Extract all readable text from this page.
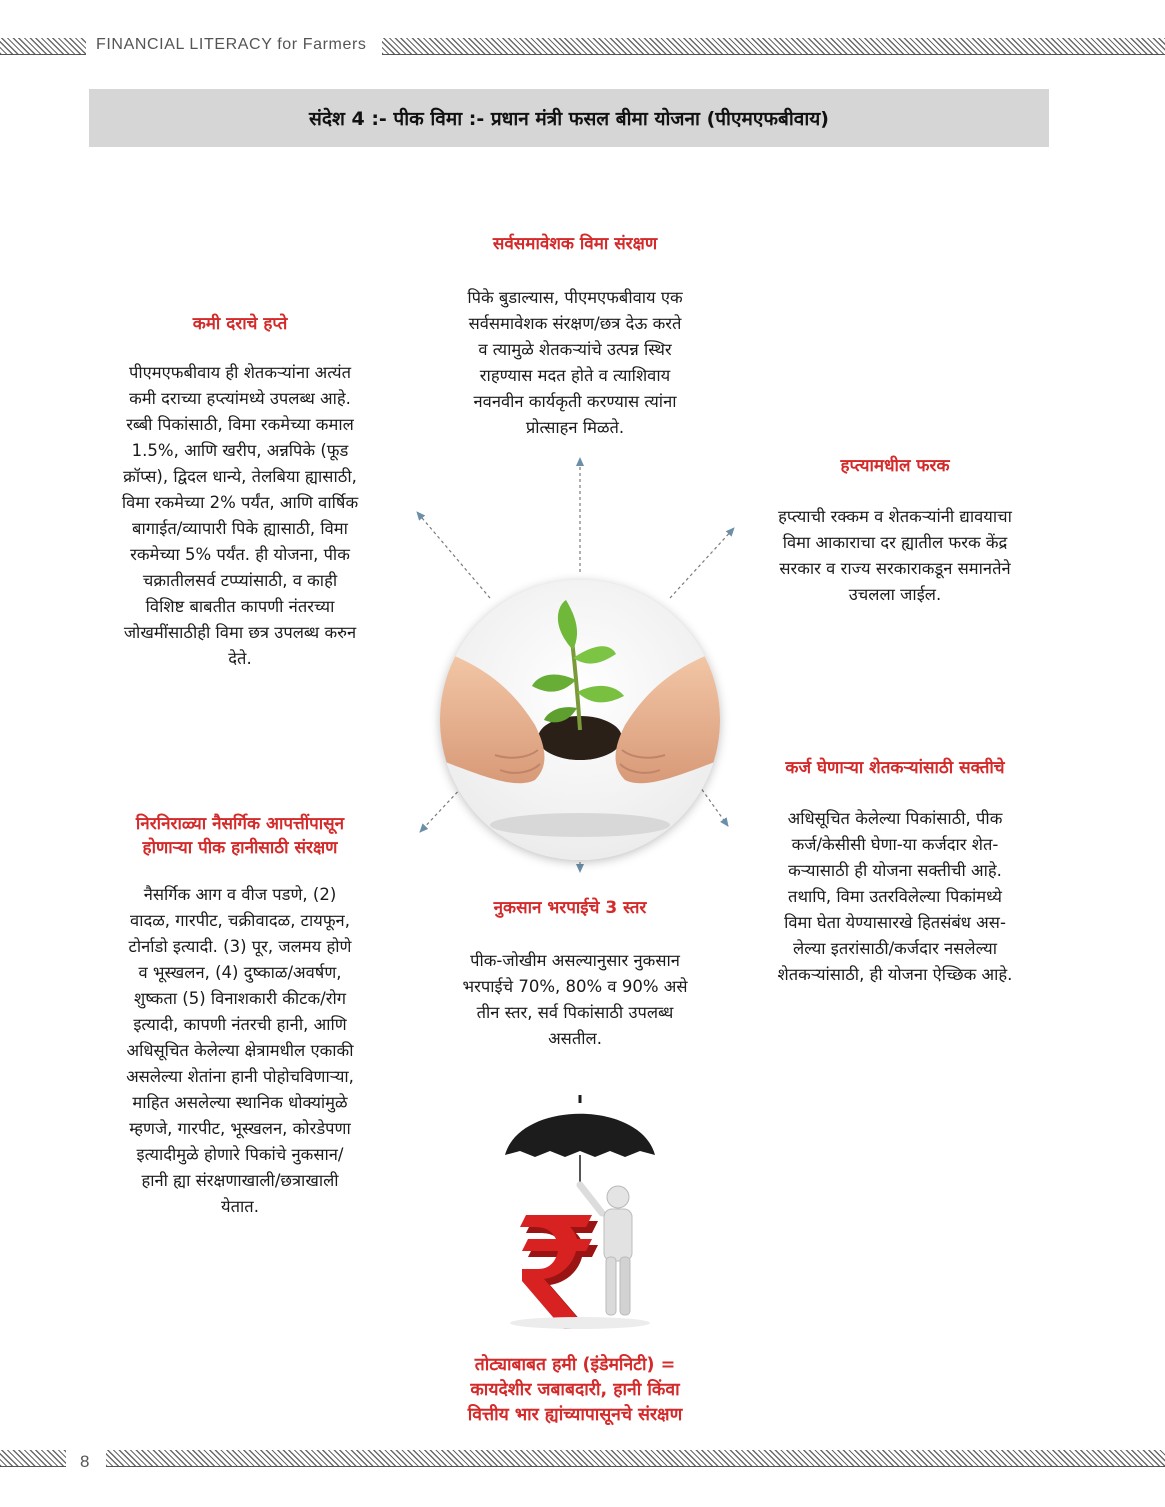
FINANCIAL LITERACY for Farmers
संदेश 4 :- पीक विमा :- प्रधान मंत्री फसल बीमा योजना (पीएमएफबीवाय)
सर्वसमावेशक विमा संरक्षण
पिके बुडाल्यास, पीएमएफबीवाय एक
सर्वसमावेशक संरक्षण/छत्र देऊ करते
व त्यामुळे शेतकऱ्यांचे उत्पन्न स्थिर
राहण्यास मदत होते व त्याशिवाय
नवनवीन कार्यकृती करण्यास त्यांना
प्रोत्साहन मिळते.
कमी दराचे हप्ते
पीएमएफबीवाय ही शेतकऱ्यांना अत्यंत
कमी दराच्या हप्त्यांमध्ये उपलब्ध आहे.
रब्बी पिकांसाठी, विमा रकमेच्या कमाल
1.5%, आणि खरीप, अन्नपिके (फूड
क्रॉप्स), द्विदल धान्ये, तेलबिया ह्यासाठी,
विमा रकमेच्या 2% पर्यंत, आणि वार्षिक
बागाईत/व्यापारी पिके ह्यासाठी, विमा
रकमेच्या 5% पर्यंत. ही योजना, पीक
चक्रातीलसर्व टप्प्यांसाठी, व काही
विशिष्ट बाबतीत कापणी नंतरच्या
जोखमींसाठीही विमा छत्र उपलब्ध करुन
देते.
हप्त्यामधील फरक
हप्त्याची रक्कम व शेतकऱ्यांनी द्यावयाचा
विमा आकाराचा दर ह्यातील फरक केंद्र
सरकार व राज्य सरकाराकडून समानतेने
उचलला जाईल.
कर्ज घेणाऱ्या शेतकऱ्यांसाठी सक्तीचे
अधिसूचित केलेल्या पिकांसाठी, पीक
कर्ज/केसीसी घेणा-या कर्जदार शेत-
कऱ्यासाठी ही योजना सक्तीची आहे.
तथापि, विमा उतरविलेल्या पिकांमध्ये
विमा घेता येण्यासारखे हितसंबंध अस-
लेल्या इतरांसाठी/कर्जदार नसलेल्या
शेतकऱ्यांसाठी, ही योजना ऐच्छिक आहे.
निरनिराळ्या नैसर्गिक आपत्तींपासून
होणाऱ्या पीक हानीसाठी संरक्षण
नैसर्गिक आग व वीज पडणे, (2)
वादळ, गारपीट, चक्रीवादळ, टायफून,
टोर्नाडो इत्यादी. (3) पूर, जलमय होणे
व भूस्खलन, (4) दुष्काळ/अवर्षण,
शुष्कता (5) विनाशकारी कीटक/रोग
इत्यादी, कापणी नंतरची हानी, आणि
अधिसूचित केलेल्या क्षेत्रामधील एकाकी
असलेल्या शेतांना हानी पोहोचविणाऱ्या,
माहित असलेल्या स्थानिक धोक्यांमुळे
म्हणजे, गारपीट, भूस्खलन, कोरडेपणा
इत्यादीमुळे होणारे पिकांचे नुकसान/
हानी ह्या संरक्षणाखाली/छत्राखाली
येतात.
नुकसान भरपाईचे 3 स्तर
पीक-जोखीम असल्यानुसार नुकसान
भरपाईचे 70%, 80% व 90% असे
तीन स्तर, सर्व पिकांसाठी उपलब्ध
असतील.
तोट्याबाबत हमी (इंडेमनिटी) =
कायदेशीर जबाबदारी, हानी किंवा
वित्तीय भार ह्यांच्यापासूनचे संरक्षण
8
